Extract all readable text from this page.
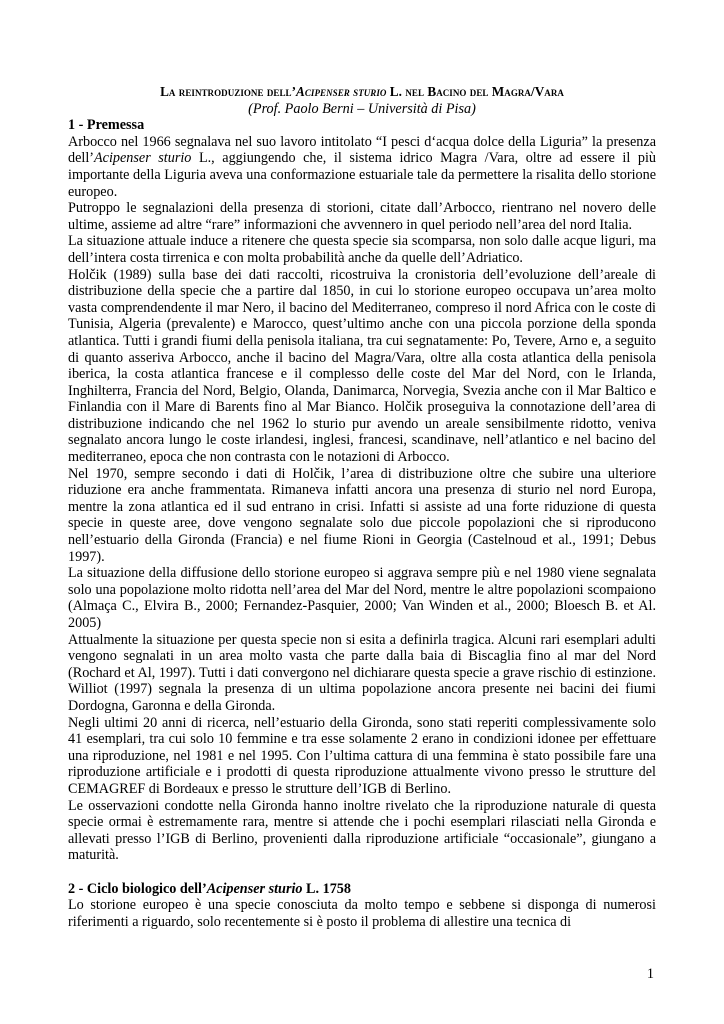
La reintroduzione dell’Acipenser sturio L. nel Bacino del Magra/Vara
(Prof. Paolo Berni – Università di Pisa)
1 - Premessa

Arbocco nel 1966 segnalava nel suo lavoro intitolato “I pesci d‘acqua dolce della Liguria” la presenza dell’Acipenser sturio L., aggiungendo che, il sistema idrico Magra /Vara, oltre ad essere il più importante della Liguria aveva una conformazione estuariale tale da permettere la risalita dello storione europeo.

Putroppo le segnalazioni della presenza di storioni, citate dall’Arbocco, rientrano nel novero delle ultime, assieme ad altre “rare” informazioni che avvennero in quel periodo nell’area del nord Italia.

La situazione attuale induce a ritenere che questa specie sia scomparsa, non solo dalle acque liguri, ma dell’intera costa tirrenica e con molta probabilità anche da quelle dell’Adriatico.

Holčik (1989) sulla base dei dati raccolti, ricostruiva la cronistoria dell’evoluzione dell’areale di distribuzione della specie che a partire dal 1850, in cui lo storione europeo occupava un’area molto vasta comprendendente il mar Nero, il bacino del Mediterraneo, compreso il nord Africa con le coste di Tunisia, Algeria (prevalente) e Marocco, quest’ultimo anche con una piccola porzione della sponda atlantica. Tutti i grandi fiumi della penisola italiana, tra cui segnatamente: Po, Tevere, Arno e, a seguito di quanto asseriva Arbocco, anche il bacino del Magra/Vara, oltre alla costa atlantica della penisola iberica, la costa atlantica francese e il complesso delle coste del Mar del Nord, con le Irlanda, Inghilterra, Francia del Nord, Belgio, Olanda, Danimarca, Norvegia, Svezia anche con il Mar Baltico e Finlandia con il Mare di Barents fino al Mar Bianco. Holčik proseguiva la connotazione dell’area di distribuzione indicando che nel 1962 lo sturio pur avendo un areale sensibilmente ridotto, veniva segnalato ancora lungo le coste irlandesi, inglesi, francesi, scandinave, nell’atlantico e nel bacino del mediterraneo, epoca che non contrasta con le notazioni di Arbocco.

Nel 1970, sempre secondo i dati di Holčik, l’area di distribuzione oltre che subire una ulteriore riduzione era anche frammentata. Rimaneva infatti ancora una presenza di sturio nel nord Europa, mentre la zona atlantica ed il sud entrano in crisi. Infatti si assiste ad una forte riduzione di questa specie in queste aree, dove vengono segnalate solo due piccole popolazioni che si riproducono nell’estuario della Gironda (Francia) e nel fiume Rioni in Georgia (Castelnoud et al., 1991; Debus 1997).

La situazione della diffusione dello storione europeo si aggrava sempre più e nel 1980 viene segnalata solo una popolazione molto ridotta nell’area del Mar del Nord, mentre le altre popolazioni scompaiono (Almaça C., Elvira B., 2000; Fernandez-Pasquier, 2000; Van Winden et al., 2000; Bloesch B. et Al. 2005)

Attualmente la situazione per questa specie non si esita a definirla tragica. Alcuni rari esemplari adulti vengono segnalati in un area molto vasta che parte dalla baia di Biscaglia fino al mar del Nord (Rochard et Al, 1997). Tutti i dati convergono nel dichiarare questa specie a grave rischio di estinzione. Williot (1997) segnala la presenza di un ultima popolazione ancora presente nei bacini dei fiumi Dordogna, Garonna e della Gironda.

Negli ultimi 20 anni di ricerca, nell’estuario della Gironda, sono stati reperiti complessivamente solo 41 esemplari, tra cui solo 10 femmine e tra esse solamente 2 erano in condizioni idonee per effettuare una riproduzione, nel 1981 e nel 1995. Con l’ultima cattura di una femmina è stato possibile fare una riproduzione artificiale e i prodotti di questa riproduzione attualmente vivono presso le strutture del CEMAGREF di Bordeaux e presso le strutture dell’IGB di Berlino.

Le osservazioni condotte nella Gironda hanno inoltre rivelato che la riproduzione naturale di questa specie ormai è estremamente rara, mentre si attende che i pochi esemplari rilasciati nella Gironda e allevati presso l’IGB di Berlino, provenienti dalla riproduzione artificiale “occasionale”, giungano a maturità.

2 - Ciclo biologico dell’Acipenser sturio L. 1758

Lo storione europeo è una specie conosciuta da molto tempo e sebbene si disponga di numerosi riferimenti a riguardo, solo recentemente si è posto il problema di allestire una tecnica di

1
